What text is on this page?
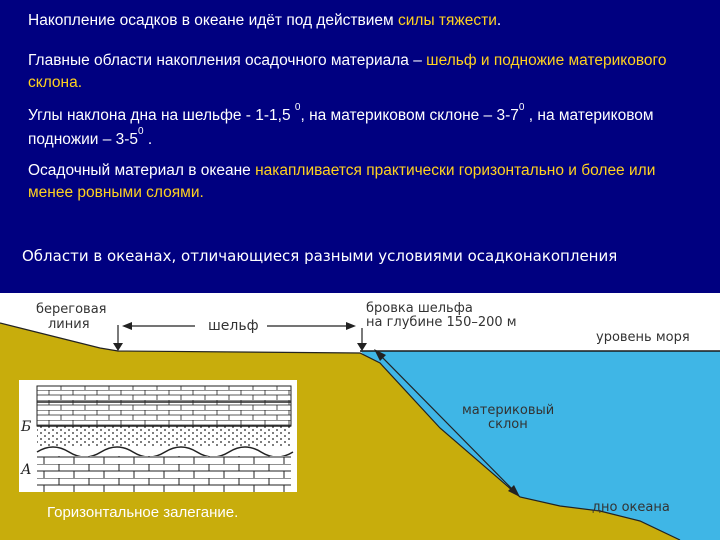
Накопление осадков в океане идёт под действием силы тяжести.
Главные области накопления осадочного материала – шельф и подножие материкового склона.
Углы наклона дна на шельфе - 1-1,5 $^0$, на материковом склоне – $3-7^0$ , на материковом подножии – $3-5^0$ .
Осадочный материал в океане накапливается практически горизонтально и более или менее ровными слоями.
Области в океанах, отличающиеся разными условиями осадконакопления
береговая
линия	шельф
бровка шельфа
на глубине 150–200 м
уровень моря
материковый
склон
дно океана
Б
А
Горизонтальное залегание.
